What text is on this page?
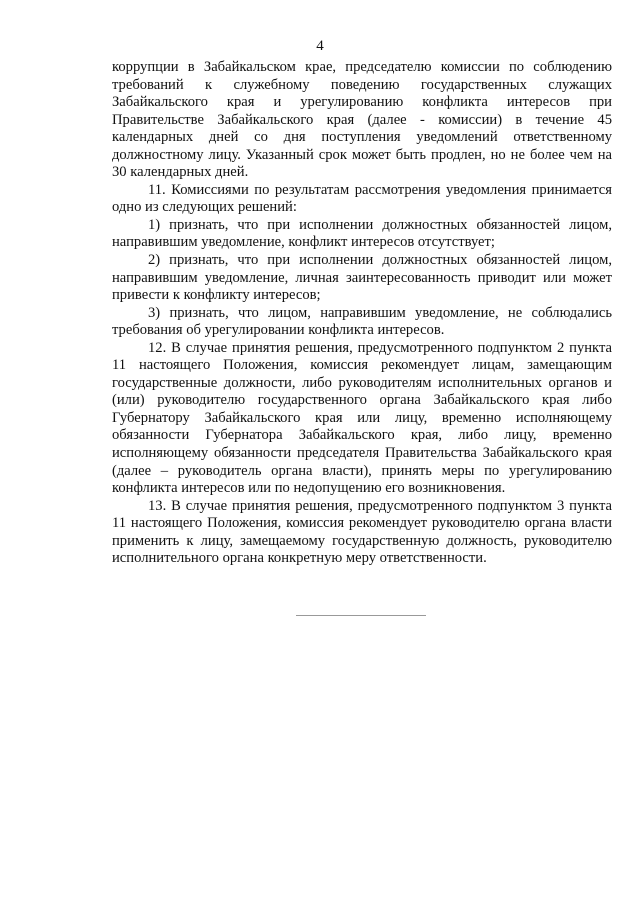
4

коррупции в Забайкальском крае, председателю комиссии по соблюдению требований к служебному поведению государственных служащих Забайкальского края и урегулированию конфликта интересов при Правительстве Забайкальского края (далее - комиссии) в течение 45 календарных дней со дня поступления уведомлений ответственному должностному лицу. Указанный срок может быть продлен, но не более чем на 30 календарных дней.

11. Комиссиями по результатам рассмотрения уведомления принимается одно из следующих решений:

1) признать, что при исполнении должностных обязанностей лицом, направившим уведомление, конфликт интересов отсутствует;

2) признать, что при исполнении должностных обязанностей лицом, направившим уведомление, личная заинтересованность приводит или может привести к конфликту интересов;

3) признать, что лицом, направившим уведомление, не соблюдались требования об урегулировании конфликта интересов.

12. В случае принятия решения, предусмотренного подпунктом 2 пункта 11 настоящего Положения, комиссия рекомендует лицам, замещающим государственные должности, либо руководителям исполнительных органов и (или) руководителю государственного органа Забайкальского края либо Губернатору Забайкальского края или лицу, временно исполняющему обязанности Губернатора Забайкальского края, либо лицу, временно исполняющему обязанности председателя Правительства Забайкальского края (далее – руководитель органа власти), принять меры по урегулированию конфликта интересов или по недопущению его возникновения.

13. В случае принятия решения, предусмотренного подпунктом 3 пункта 11 настоящего Положения, комиссия рекомендует руководителю органа власти применить к лицу, замещаемому государственную должность, руководителю исполнительного органа конкретную меру ответственности.
